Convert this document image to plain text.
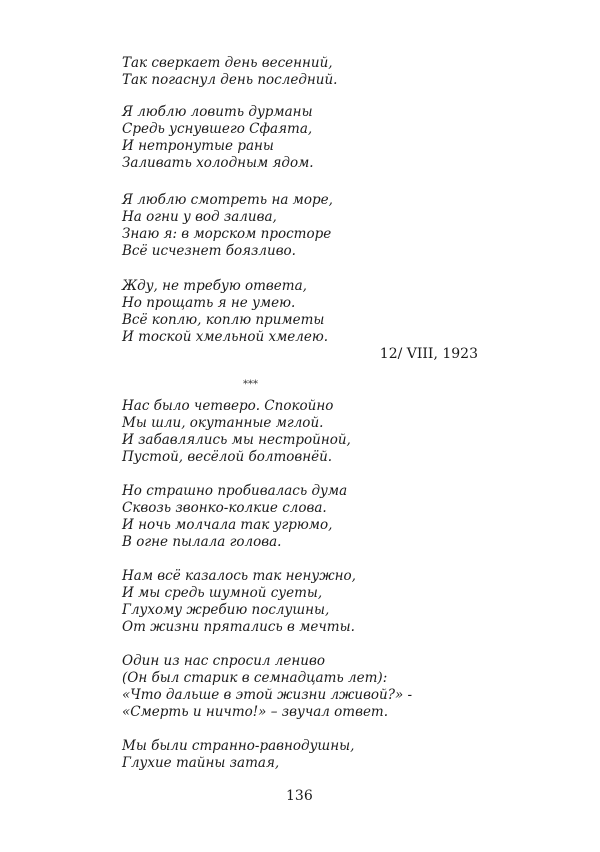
Так сверкает день весенний,
Так погаснул день последний.
Я люблю ловить дурманы
Средь уснувшего Сфаята,
И нетронутые раны
Заливать холодным ядом.
Я люблю смотреть на море,
На огни у вод залива,
Знаю я: в морском просторе
Всё исчезнет боязливо.
Жду, не требую ответа,
Но прощать я не умею.
Всё коплю, коплю приметы
И тоской хмельной хмелею.
12/ VIII, 1923
***
Нас было четверо. Спокойно
Мы шли, окутанные мглой.
И забавлялись мы нестройной,
Пустой, весёлой болтовнёй.
Но страшно пробивалась дума
Сквозь звонко-колкие слова.
И ночь молчала так угрюмо,
В огне пылала голова.
Нам всё казалось так ненужно,
И мы средь шумной суеты,
Глухому жребию послушны,
От жизни прятались в мечты.
Один из нас спросил лениво
(Он был старик в семнадцать лет):
«Что дальше в этой жизни лживой?» -
«Смерть и ничто!» – звучал ответ.
Мы были странно-равнодушны,
Глухие тайны затая,
136
